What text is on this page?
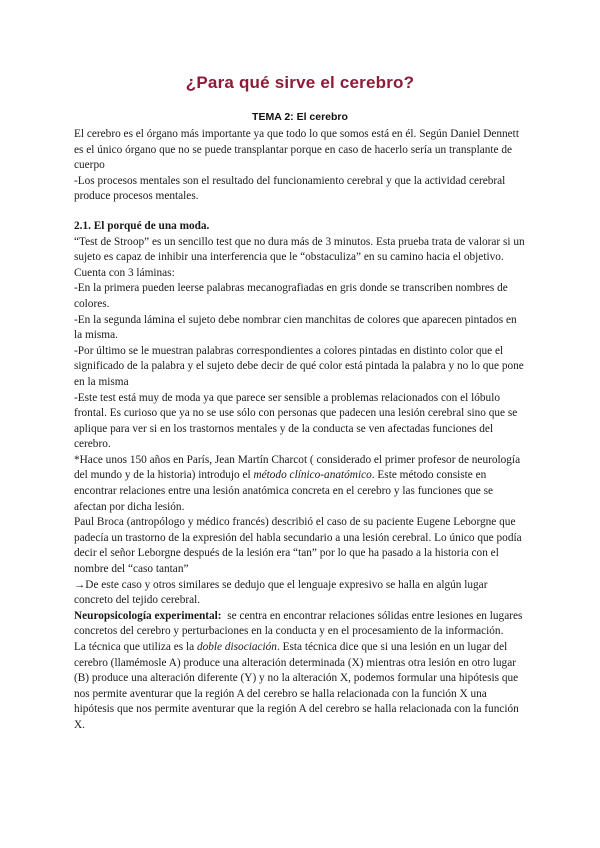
¿Para qué sirve el cerebro?
TEMA 2: El cerebro

El cerebro es el órgano más importante ya que todo lo que somos está en él. Según Daniel Dennett es el único órgano que no se puede transplantar porque en caso de hacerlo sería un transplante de cuerpo

-Los procesos mentales son el resultado del funcionamiento cerebral y que la actividad cerebral produce procesos mentales.

2.1. El porqué de una moda.

“Test de Stroop” es un sencillo test que no dura más de 3 minutos. Esta prueba trata de valorar si un sujeto es capaz de inhibir una interferencia que le “obstaculiza” en su camino hacia el objetivo. Cuenta con 3 láminas:

-En la primera pueden leerse palabras mecanografiadas en gris donde se transcriben nombres de colores.

-En la segunda lámina el sujeto debe nombrar cien manchitas de colores que aparecen pintados en la misma.

-Por último se le muestran palabras correspondientes a colores pintadas en distinto color que el significado de la palabra y el sujeto debe decir de qué color está pintada la palabra y no lo que pone en la misma

-Este test está muy de moda ya que parece ser sensible a problemas relacionados con el lóbulo frontal. Es curioso que ya no se use sólo con personas que padecen una lesión cerebral sino que se aplique para ver si en los trastornos mentales y de la conducta se ven afectadas funciones del cerebro.

*Hace unos 150 años en París, Jean Martín Charcot ( considerado el primer profesor de neurología del mundo y de la historia) introdujo el método clínico-anatómico. Este método consiste en encontrar relaciones entre una lesión anatómica concreta en el cerebro y las funciones que se afectan por dicha lesión.

Paul Broca (antropólogo y médico francés) describió el caso de su paciente Eugene Leborgne que padecía un trastorno de la expresión del habla secundario a una lesión cerebral. Lo único que podía decir el señor Leborgne después de la lesión era “tan” por lo que ha pasado a la historia con el nombre del “caso tantan”

→De este caso y otros similares se dedujo que el lenguaje expresivo se halla en algún lugar concreto del tejido cerebral.

Neuropsicología experimental:  se centra en encontrar relaciones sólidas entre lesiones en lugares concretos del cerebro y perturbaciones en la conducta y en el procesamiento de la información.

La técnica que utiliza es la doble disociación. Esta técnica dice que si una lesión en un lugar del cerebro (llamémosle A) produce una alteración determinada (X) mientras otra lesión en otro lugar (B) produce una alteración diferente (Y) y no la alteración X, podemos formular una hipótesis que nos permite aventurar que la región A del cerebro se halla relacionada con la función X una hipótesis que nos permite aventurar que la región A del cerebro se halla relacionada con la función X.
